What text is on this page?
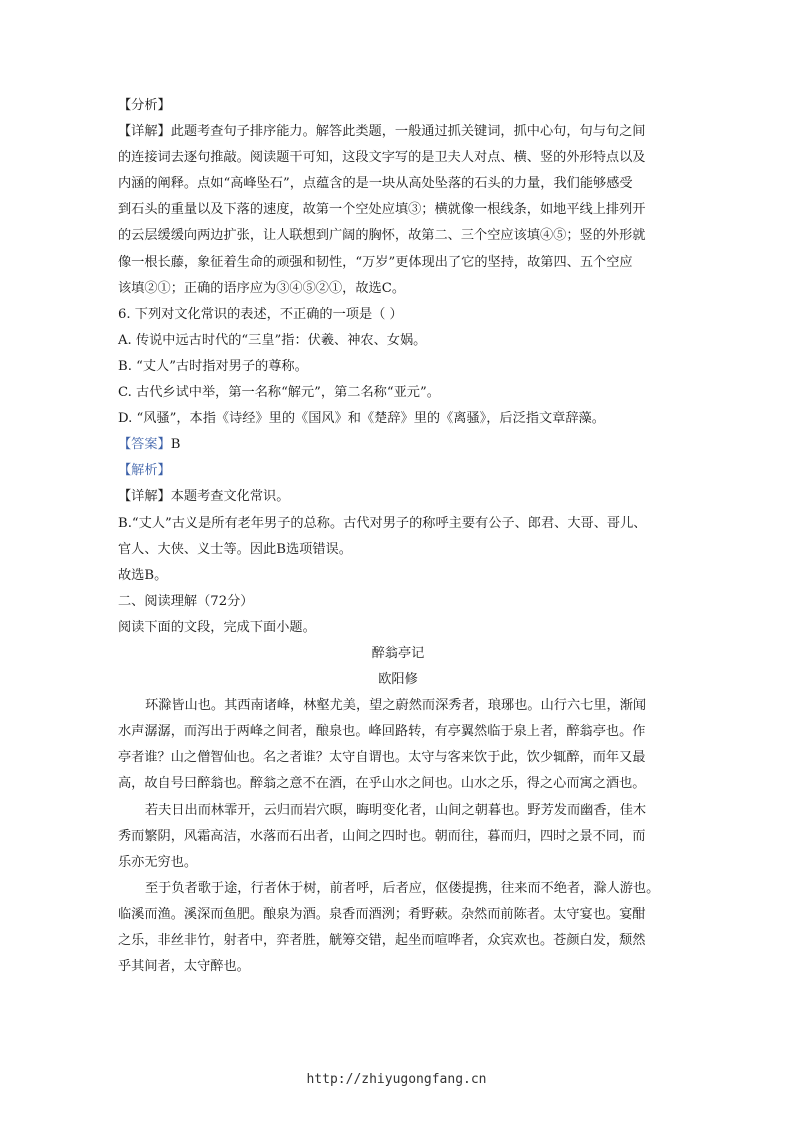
【分析】
【详解】此题考查句子排序能力。解答此类题，一般通过抓关键词，抓中心句，句与句之间
的连接词去逐句推敲。阅读题干可知，这段文字写的是卫夫人对点、横、竖的外形特点以及
内涵的阐释。点如“高峰坠石”，点蕴含的是一块从高处坠落的石头的力量，我们能够感受
到石头的重量以及下落的速度，故第一个空处应填③；横就像一根线条，如地平线上排列开
的云层缓缓向两边扩张，让人联想到广阔的胸怀，故第二、三个空应该填④⑤；竖的外形就
像一根长藤，象征着生命的顽强和韧性，“万岁”更体现出了它的坚持，故第四、五个空应
该填②①；正确的语序应为③④⑤②①，故选C。
6. 下列对文化常识的表述，不正确的一项是（ ）
A. 传说中远古时代的“三皇”指：伏羲、神农、女娲。
B. “丈人”古时指对男子的尊称。
C. 古代乡试中举，第一名称“解元”，第二名称“亚元”。
D. “风骚”，本指《诗经》里的《国风》和《楚辞》里的《离骚》，后泛指文章辞藻。
【答案】B
【解析】
【详解】本题考查文化常识。
B.“丈人”古义是所有老年男子的总称。古代对男子的称呼主要有公子、郎君、大哥、哥儿、
官人、大侠、义士等。因此B选项错误。
故选B。
二、阅读理解（72分）
阅读下面的文段，完成下面小题。
醉翁亭记
欧阳修
环滁皆山也。其西南诸峰，林壑尤美，望之蔚然而深秀者，琅琊也。山行六七里，渐闻
水声潺潺，而泻出于两峰之间者，酿泉也。峰回路转，有亭翼然临于泉上者，醉翁亭也。作
亭者谁？山之僧智仙也。名之者谁？太守自谓也。太守与客来饮于此，饮少辄醉，而年又最
高，故自号曰醉翁也。醉翁之意不在酒，在乎山水之间也。山水之乐，得之心而寓之酒也。
若夫日出而林霏开，云归而岩穴暝，晦明变化者，山间之朝暮也。野芳发而幽香，佳木
秀而繁阴，风霜高洁，水落而石出者，山间之四时也。朝而往，暮而归，四时之景不同，而
乐亦无穷也。
至于负者歌于途，行者休于树，前者呼，后者应，伛偻提携，往来而不绝者，滁人游也。
临溪而渔。溪深而鱼肥。酿泉为酒。泉香而酒洌；肴野蔌。杂然而前陈者。太守宴也。宴酣
之乐，非丝非竹，射者中，弈者胜，觥筹交错，起坐而喧哗者，众宾欢也。苍颜白发，颓然
乎其间者，太守醉也。
http://zhiyugongfang.cn
